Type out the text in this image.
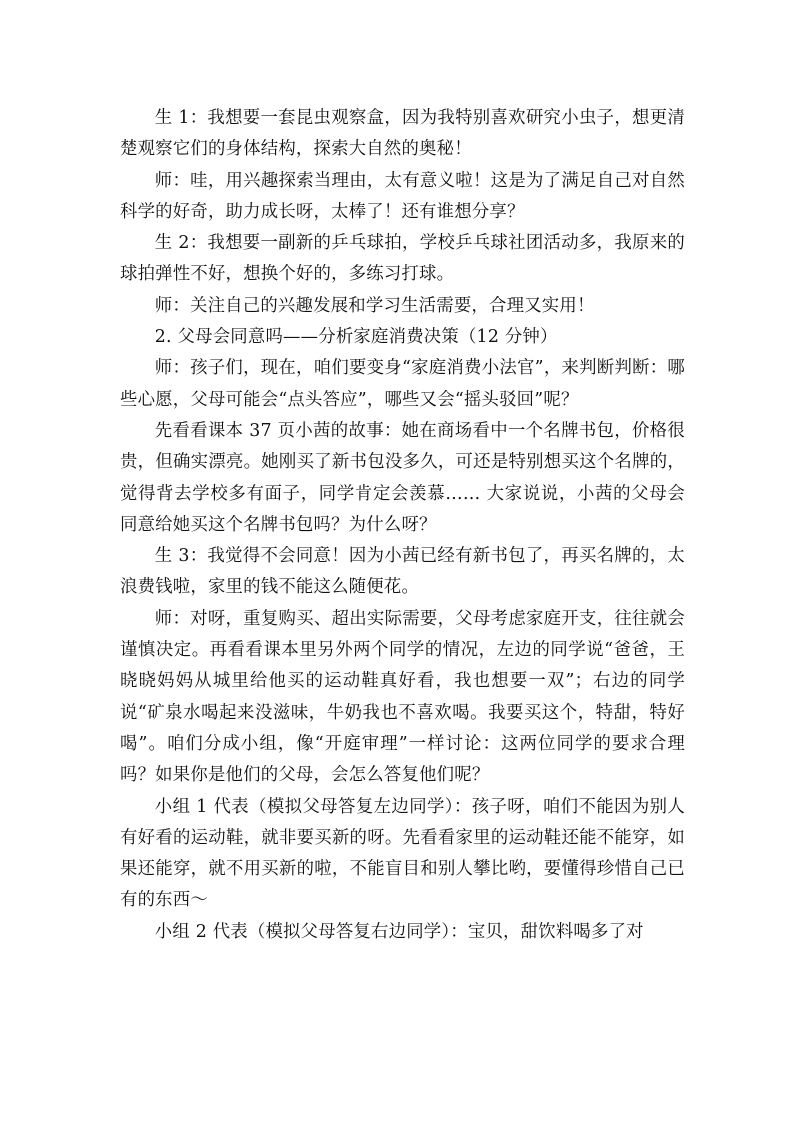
生 1：我想要一套昆虫观察盒，因为我特别喜欢研究小虫子，想更清楚观察它们的身体结构，探索大自然的奥秘！

师：哇，用兴趣探索当理由，太有意义啦！这是为了满足自己对自然科学的好奇，助力成长呀，太棒了！还有谁想分享？

生 2：我想要一副新的乒乓球拍，学校乒乓球社团活动多，我原来的球拍弹性不好，想换个好的，多练习打球。

师：关注自己的兴趣发展和学习生活需要，合理又实用！

2. 父母会同意吗——分析家庭消费决策（12 分钟）

师：孩子们，现在，咱们要变身“家庭消费小法官”，来判断判断：哪些心愿，父母可能会“点头答应”，哪些又会“摇头驳回”呢？

先看看课本 37 页小茜的故事：她在商场看中一个名牌书包，价格很贵，但确实漂亮。她刚买了新书包没多久，可还是特别想买这个名牌的，觉得背去学校多有面子，同学肯定会羡慕…… 大家说说，小茜的父母会同意给她买这个名牌书包吗？为什么呀？

生 3：我觉得不会同意！因为小茜已经有新书包了，再买名牌的，太浪费钱啦，家里的钱不能这么随便花。

师：对呀，重复购买、超出实际需要，父母考虑家庭开支，往往就会谨慎决定。再看看课本里另外两个同学的情况，左边的同学说“爸爸，王晓晓妈妈从城里给他买的运动鞋真好看，我也想要一双”；右边的同学说“矿泉水喝起来没滋味，牛奶我也不喜欢喝。我要买这个，特甜，特好喝”。咱们分成小组，像“开庭审理”一样讨论：这两位同学的要求合理吗？如果你是他们的父母，会怎么答复他们呢？

小组 1 代表（模拟父母答复左边同学）：孩子呀，咱们不能因为别人有好看的运动鞋，就非要买新的呀。先看看家里的运动鞋还能不能穿，如果还能穿，就不用买新的啦，不能盲目和别人攀比哟，要懂得珍惜自己已有的东西～

小组 2 代表（模拟父母答复右边同学）：宝贝，甜饮料喝多了对
